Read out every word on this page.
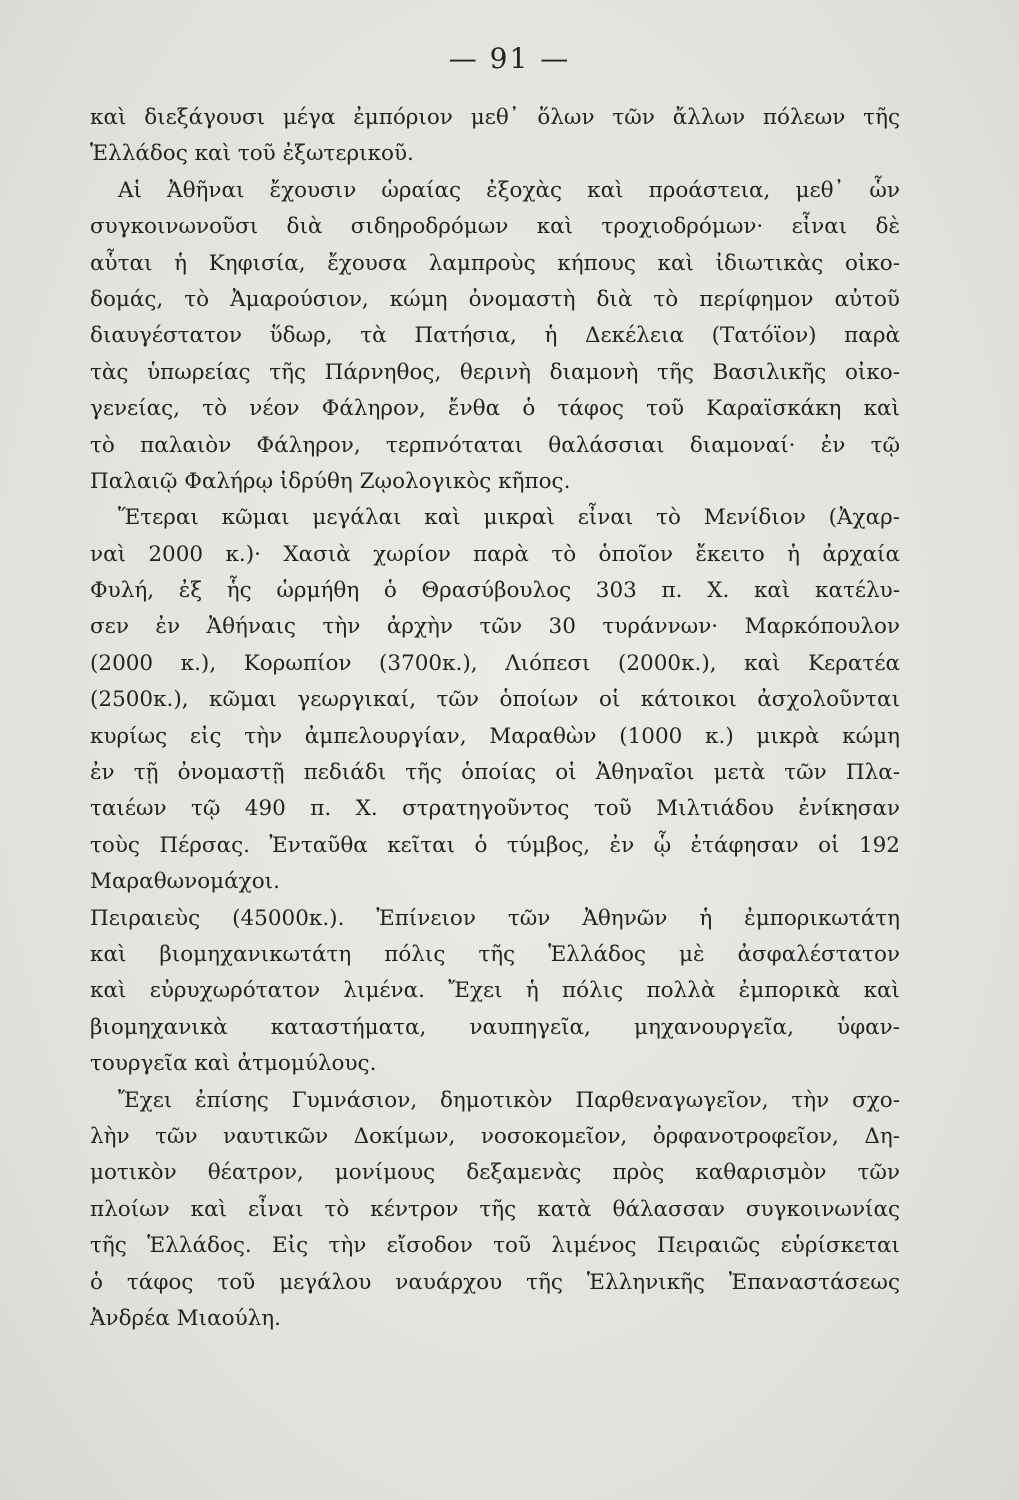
— 91 —
καὶ διεξάγουσι μέγα ἐμπόριον μεθ᾽ ὅλων τῶν ἄλλων πόλεων τῆς
Ἑλλάδος καὶ τοῦ ἐξωτερικοῦ.
Αἱ Ἀθῆναι ἔχουσιν ὡραίας ἐξοχὰς καὶ προάστεια, μεθ᾽ ὧν
συγκοινωνοῦσι διὰ σιδηροδρόμων καὶ τροχιοδρόμων· εἶναι δὲ
αὗται ἡ Κηφισία, ἔχουσα λαμπροὺς κήπους καὶ ἰδιωτικὰς οἰκο-
δομάς, τὸ Ἀμαρούσιον, κώμη ὀνομαστὴ διὰ τὸ περίφημον αὐτοῦ
διαυγέστατον ὕδωρ, τὰ Πατήσια, ἡ Δεκέλεια (Τατόϊον) παρὰ
τὰς ὑπωρείας τῆς Πάρνηθος, θερινὴ διαμονὴ τῆς Βασιλικῆς οἰκο-
γενείας, τὸ νέον Φάληρον, ἔνθα ὁ τάφος τοῦ Καραϊσκάκη καὶ
τὸ παλαιὸν Φάληρον, τερπνόταται θαλάσσιαι διαμοναί· ἐν τῷ
Παλαιῷ Φαλήρῳ ἱδρύθη Ζῳολογικὸς κῆπος.
Ἕτεραι κῶμαι μεγάλαι καὶ μικραὶ εἶναι τὸ Μενίδιον (Ἀχαρ-
ναὶ 2000 κ.)· Χασιὰ χωρίον παρὰ τὸ ὁποῖον ἔκειτο ἡ ἀρχαία
Φυλή, ἐξ ἧς ὡρμήθη ὁ Θρασύβουλος 303 π. Χ. καὶ κατέλυ-
σεν ἐν Ἀθήναις τὴν ἀρχὴν τῶν 30 τυράννων· Μαρκόπουλον
(2000 κ.), Κορωπίον (3700κ.), Λιόπεσι (2000κ.), καὶ Κερατέα
(2500κ.), κῶμαι γεωργικαί, τῶν ὁποίων οἱ κάτοικοι ἀσχολοῦνται
κυρίως εἰς τὴν ἀμπελουργίαν, Μαραθὼν (1000 κ.) μικρὰ κώμη
ἐν τῇ ὀνομαστῇ πεδιάδι τῆς ὁποίας οἱ Ἀθηναῖοι μετὰ τῶν Πλα-
ταιέων τῷ 490 π. Χ. στρατηγοῦντος τοῦ Μιλτιάδου ἐνίκησαν
τοὺς Πέρσας. Ἐνταῦθα κεῖται ὁ τύμβος, ἐν ᾧ ἐτάφησαν οἱ 192
Μαραθωνομάχοι.
Πειραιεὺς (45000κ.). Ἐπίνειον τῶν Ἀθηνῶν ἡ ἐμπορικωτάτη
καὶ βιομηχανικωτάτη πόλις τῆς Ἑλλάδος μὲ ἀσφαλέστατον
καὶ εὐρυχωρότατον λιμένα. Ἔχει ἡ πόλις πολλὰ ἐμπορικὰ καὶ
βιομηχανικὰ καταστήματα, ναυπηγεῖα, μηχανουργεῖα, ὑφαν-
τουργεῖα καὶ ἀτμομύλους.
Ἔχει ἐπίσης Γυμνάσιον, δημοτικὸν Παρθεναγωγεῖον, τὴν σχο-
λὴν τῶν ναυτικῶν Δοκίμων, νοσοκομεῖον, ὀρφανοτροφεῖον, Δη-
μοτικὸν θέατρον, μονίμους δεξαμενὰς πρὸς καθαρισμὸν τῶν
πλοίων καὶ εἶναι τὸ κέντρον τῆς κατὰ θάλασσαν συγκοινωνίας
τῆς Ἑλλάδος. Εἰς τὴν εἴσοδον τοῦ λιμένος Πειραιῶς εὑρίσκεται
ὁ τάφος τοῦ μεγάλου ναυάρχου τῆς Ἑλληνικῆς Ἐπαναστάσεως
Ἀνδρέα Μιαούλη.
